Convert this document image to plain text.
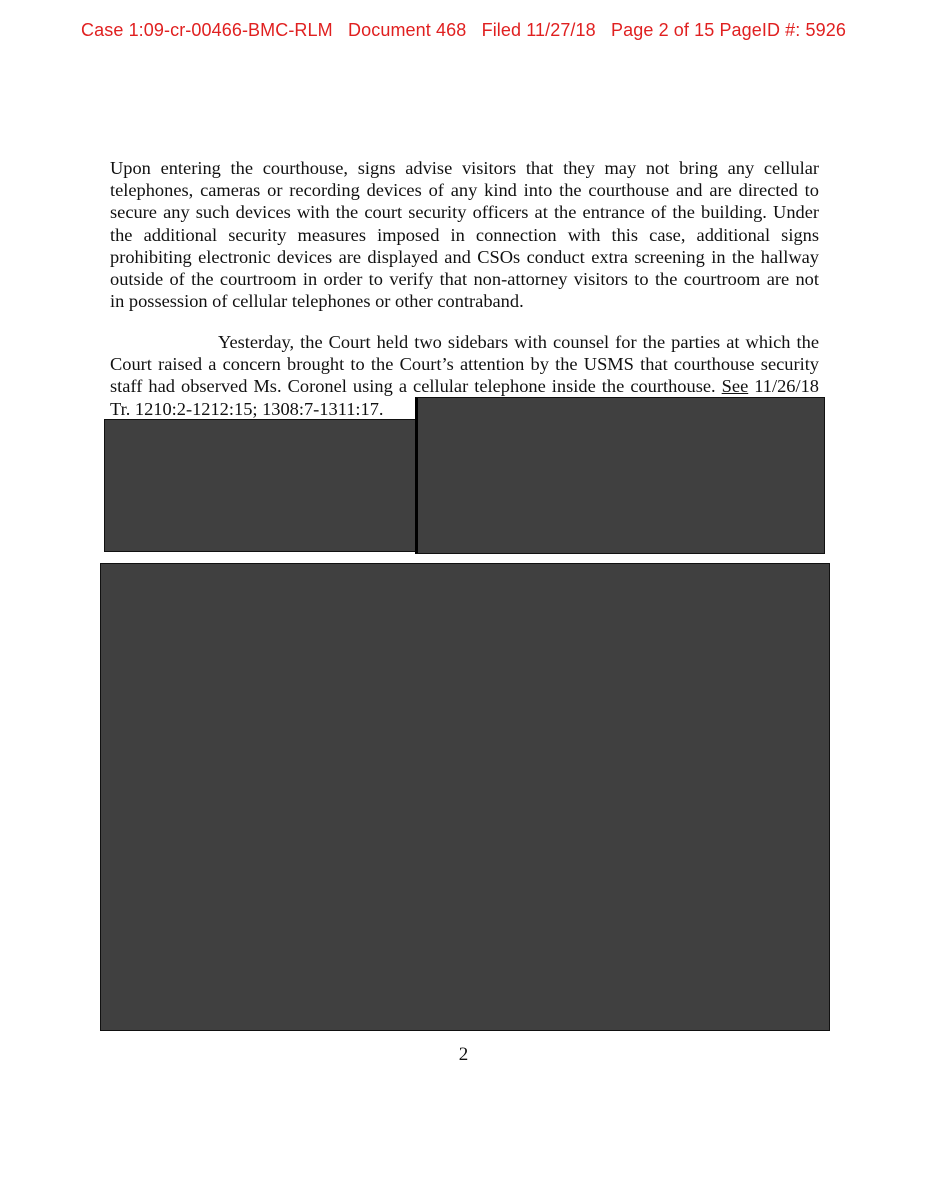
Case 1:09-cr-00466-BMC-RLM   Document 468   Filed 11/27/18   Page 2 of 15 PageID #: 5926
Upon entering the courthouse, signs advise visitors that they may not bring any cellular
telephones, cameras or recording devices of any kind into the courthouse and are directed to
secure any such devices with the court security officers at the entrance of the building. Under
the additional security measures imposed in connection with this case, additional signs
prohibiting electronic devices are displayed and CSOs conduct extra screening in the hallway
outside of the courtroom in order to verify that non-attorney visitors to the courtroom are not
in possession of cellular telephones or other contraband.
Yesterday, the Court held two sidebars with counsel for the parties at which the
Court raised a concern brought to the Court’s attention by the USMS that courthouse security
staff had observed Ms. Coronel using a cellular telephone inside the courthouse. See 11/26/18
Tr. 1210:2-1212:15; 1308:7-1311:17.
2
